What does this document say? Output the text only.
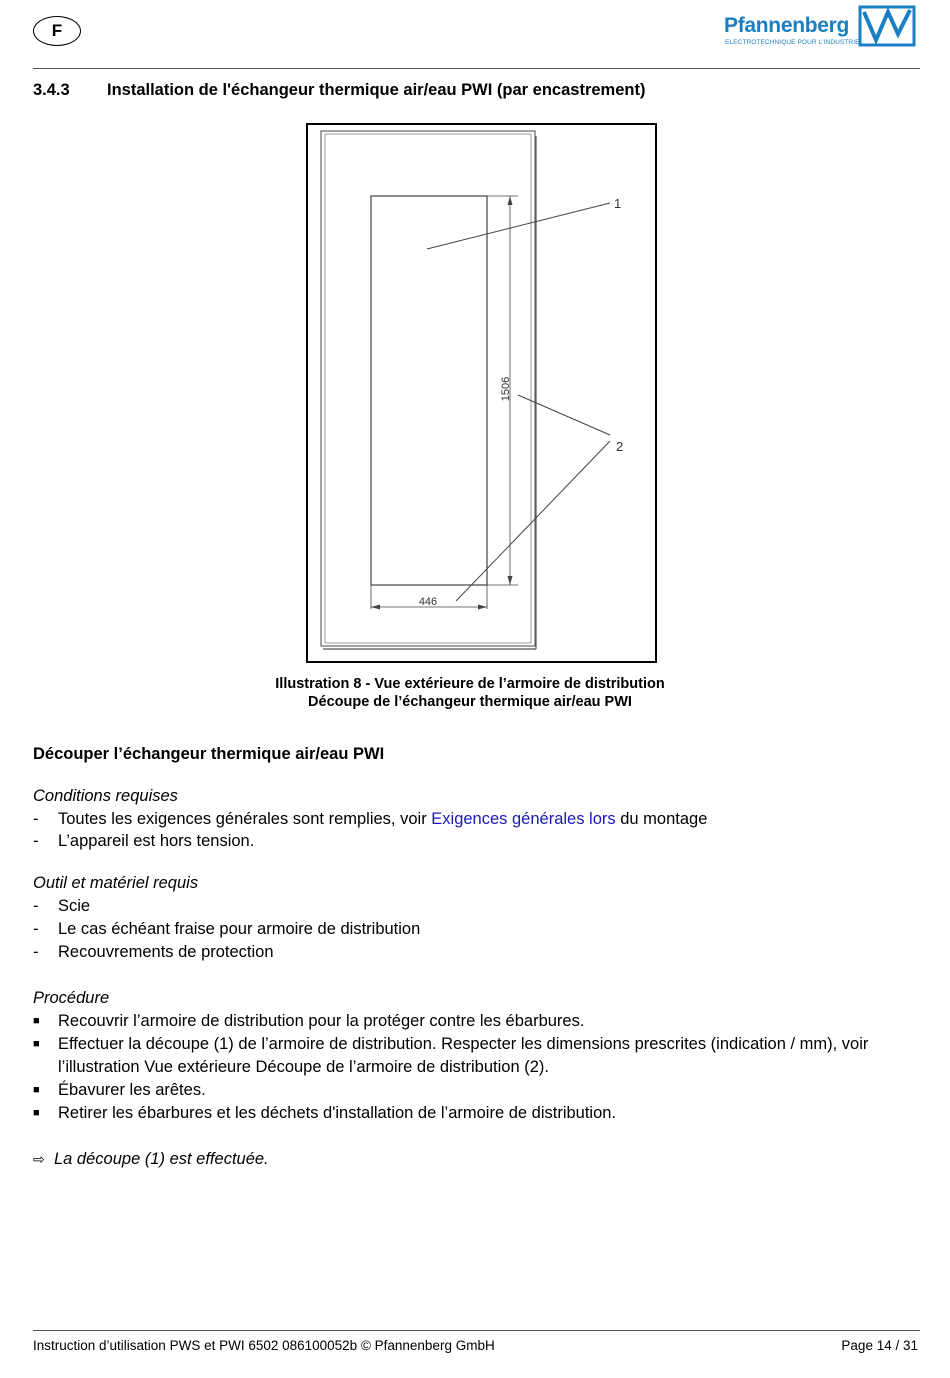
F	Pfannenberg
ELECTROTECHNIQUE POUR L'INDUSTRIE
3.4.3 Installation de l'échangeur thermique air/eau PWI (par encastrement)
1506
446
1
2
Illustration 8 - Vue extérieure de l’armoire de distribution
Découpe de l’échangeur thermique air/eau PWI
Découper l’échangeur thermique air/eau PWI
Conditions requises
- Toutes les exigences générales sont remplies, voir Exigences générales lors du montage
- L’appareil est hors tension.
Outil et matériel requis
- Scie
- Le cas échéant fraise pour armoire de distribution
- Recouvrements de protection
Procédure
■ Recouvrir l’armoire de distribution pour la protéger contre les ébarbures.
■ Effectuer la découpe (1) de l’armoire de distribution. Respecter les dimensions prescrites (indication / mm), voir
l’illustration Vue extérieure Découpe de l’armoire de distribution (2).
■ Ébavurer les arêtes.
■ Retirer les ébarbures et les déchets d'installation de l’armoire de distribution.
⇨ La découpe (1) est effectuée.
Instruction d’utilisation PWS et PWI 6502 086100052b © Pfannenberg GmbH	Page 14 / 31
